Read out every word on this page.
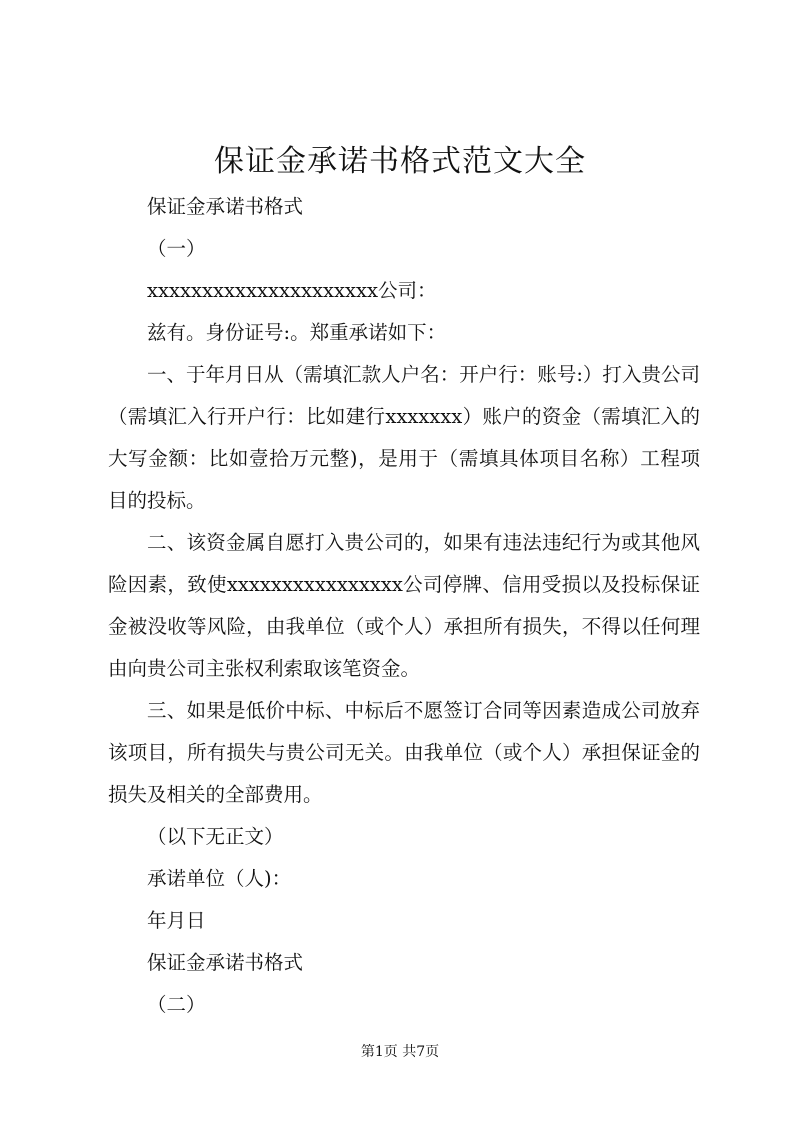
保证金承诺书格式范文大全

保证金承诺书格式

（一）

xxxxxxxxxxxxxxxxxxxxx公司：

兹有。身份证号:。郑重承诺如下：

一、于年月日从（需填汇款人户名：开户行：账号:）打入贵公司（需填汇入行开户行：比如建行xxxxxxx）账户的资金（需填汇入的大写金额：比如壹拾万元整)，是用于（需填具体项目名称）工程项目的投标。

二、该资金属自愿打入贵公司的，如果有违法违纪行为或其他风险因素，致使xxxxxxxxxxxxxxxx公司停牌、信用受损以及投标保证金被没收等风险，由我单位（或个人）承担所有损失，不得以任何理由向贵公司主张权利索取该笔资金。

三、如果是低价中标、中标后不愿签订合同等因素造成公司放弃该项目，所有损失与贵公司无关。由我单位（或个人）承担保证金的损失及相关的全部费用。

（以下无正文）

承诺单位（人)：

年月日

保证金承诺书格式

（二）

第1页 共7页
